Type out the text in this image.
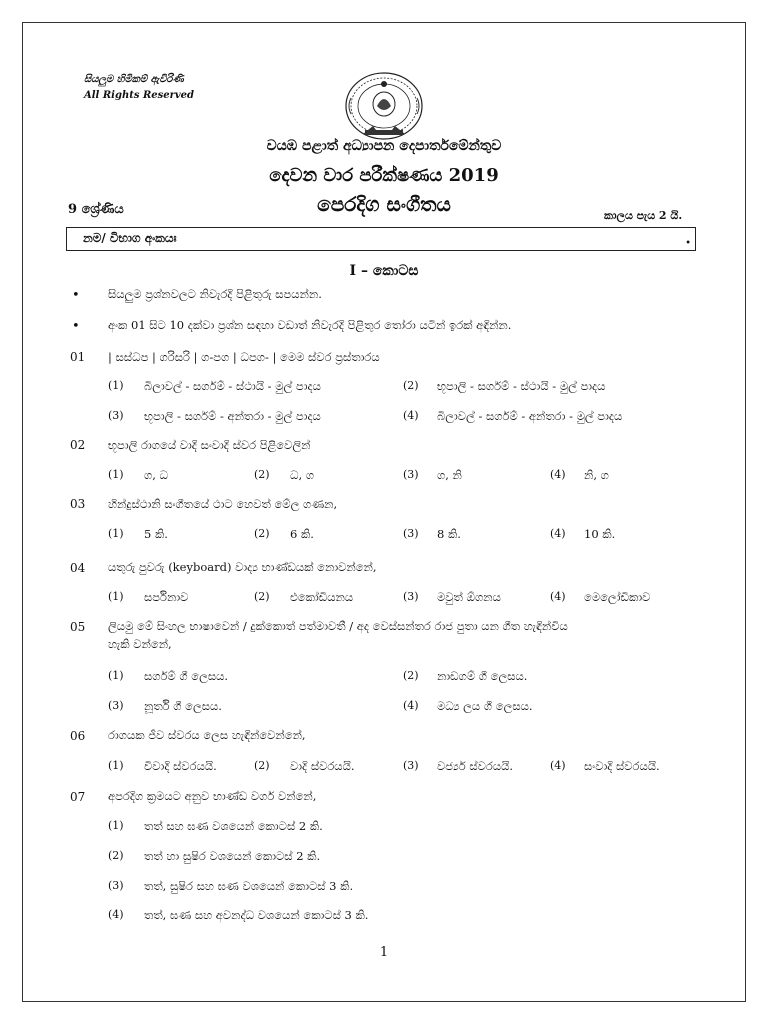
සියලුම හිමිකම් ඇවිරිණි
All Rights Reserved
වයඹ පළාත් අධ්‍යාපන දෙපාර්තමේන්තුව
දෙවන වාර පරීක්ෂණය 2019
පෙරදිග සංගීතය
9 ශ්‍රේණිය	කාලය පැය 2 යි.
නම/ විභාග අංකයඃ	•
I – කොටස
• සියලුම ප්‍රශ්නවලට නිවැරදි පිළිතුරු සපයන්න.
• අංක 01 සිට 10 දක්වා ප්‍රශ්න සඳහා වඩාත් නිවැරදි පිළිතුර තෝරා යටින් ඉරක් අඳින්න.
01 | සස්ධප | ගරිසරි | ග-පග | ධපග- | මෙම ස්වර ප්‍රස්තාරය
(1) බිලාවල් - සර්ගම් - ස්ථායි - මුල් පාදය	(2) භූපාලි - සර්ගම් - ස්ථායි - මුල් පාදය
(3) භූපාලි - සර්ගම් - අන්තරා - මුල් පාදය	(4) බිලාවල් - සර්ගම් - අන්තරා - මුල් පාදය
02 භූපාලි රාගයේ වාදි සංවාදි ස්වර පිළිවෙලින්
(1) ග, ධ	(2) ධ, ග	(3) ග, නි	(4) නි, ග
03 හින්දුස්ථානි සංගීතයේ ථාට හෙවත් මේල ගණන,
(1) 5 කි.	(2) 6 කි.	(3) 8 කි.	(4) 10 කි.
04 යතුරු පුවරු (keyboard) වාද්‍ය භාණ්ඩයක් නොවන්නේ,
(1) සර්පිනාව	(2) එකෝඩියනය	(3) මවුත් ඕගනය	(4) මෙලෝඩිකාව
05 ලියමු මේ සිංහල භාෂාවෙන් / දුක්කොත් පත්මාවතී / අද වෙස්සන්තර රාජ පුතා යන ගීත හැඳින්විය
හැකි වන්නේ,
(1) සර්ගම් ගී ලෙසය.	(2) නාඩගම් ගී ලෙසය.
(3) නූර්ති ගී ලෙසය.	(4) මධ්‍ය ලය ගී ලෙසය.
06 රාගයක ජීව ස්වරය ලෙස හැඳින්වෙන්නේ,
(1) විවාදි ස්වරයයි.	(2) වාදි ස්වරයයි.	(3) වර්ජ්‍ය ස්වරයයි.	(4) සංවාදි ස්වරයයි.
07 අපරදිග ක්‍රමයට අනුව භාණ්ඩ වර්ග වන්නේ,
(1) තත් සහ ඝණ වශයෙන් කොටස් 2 කි.
(2) තත් හා සුෂිර වශයෙන් කොටස් 2 කි.
(3) තත්, සුෂිර සහ ඝණ වශයෙන් කොටස් 3 කි.
(4) තත්, ඝණ සහ අවනද්ධ වශයෙන් කොටස් 3 කි.
1
